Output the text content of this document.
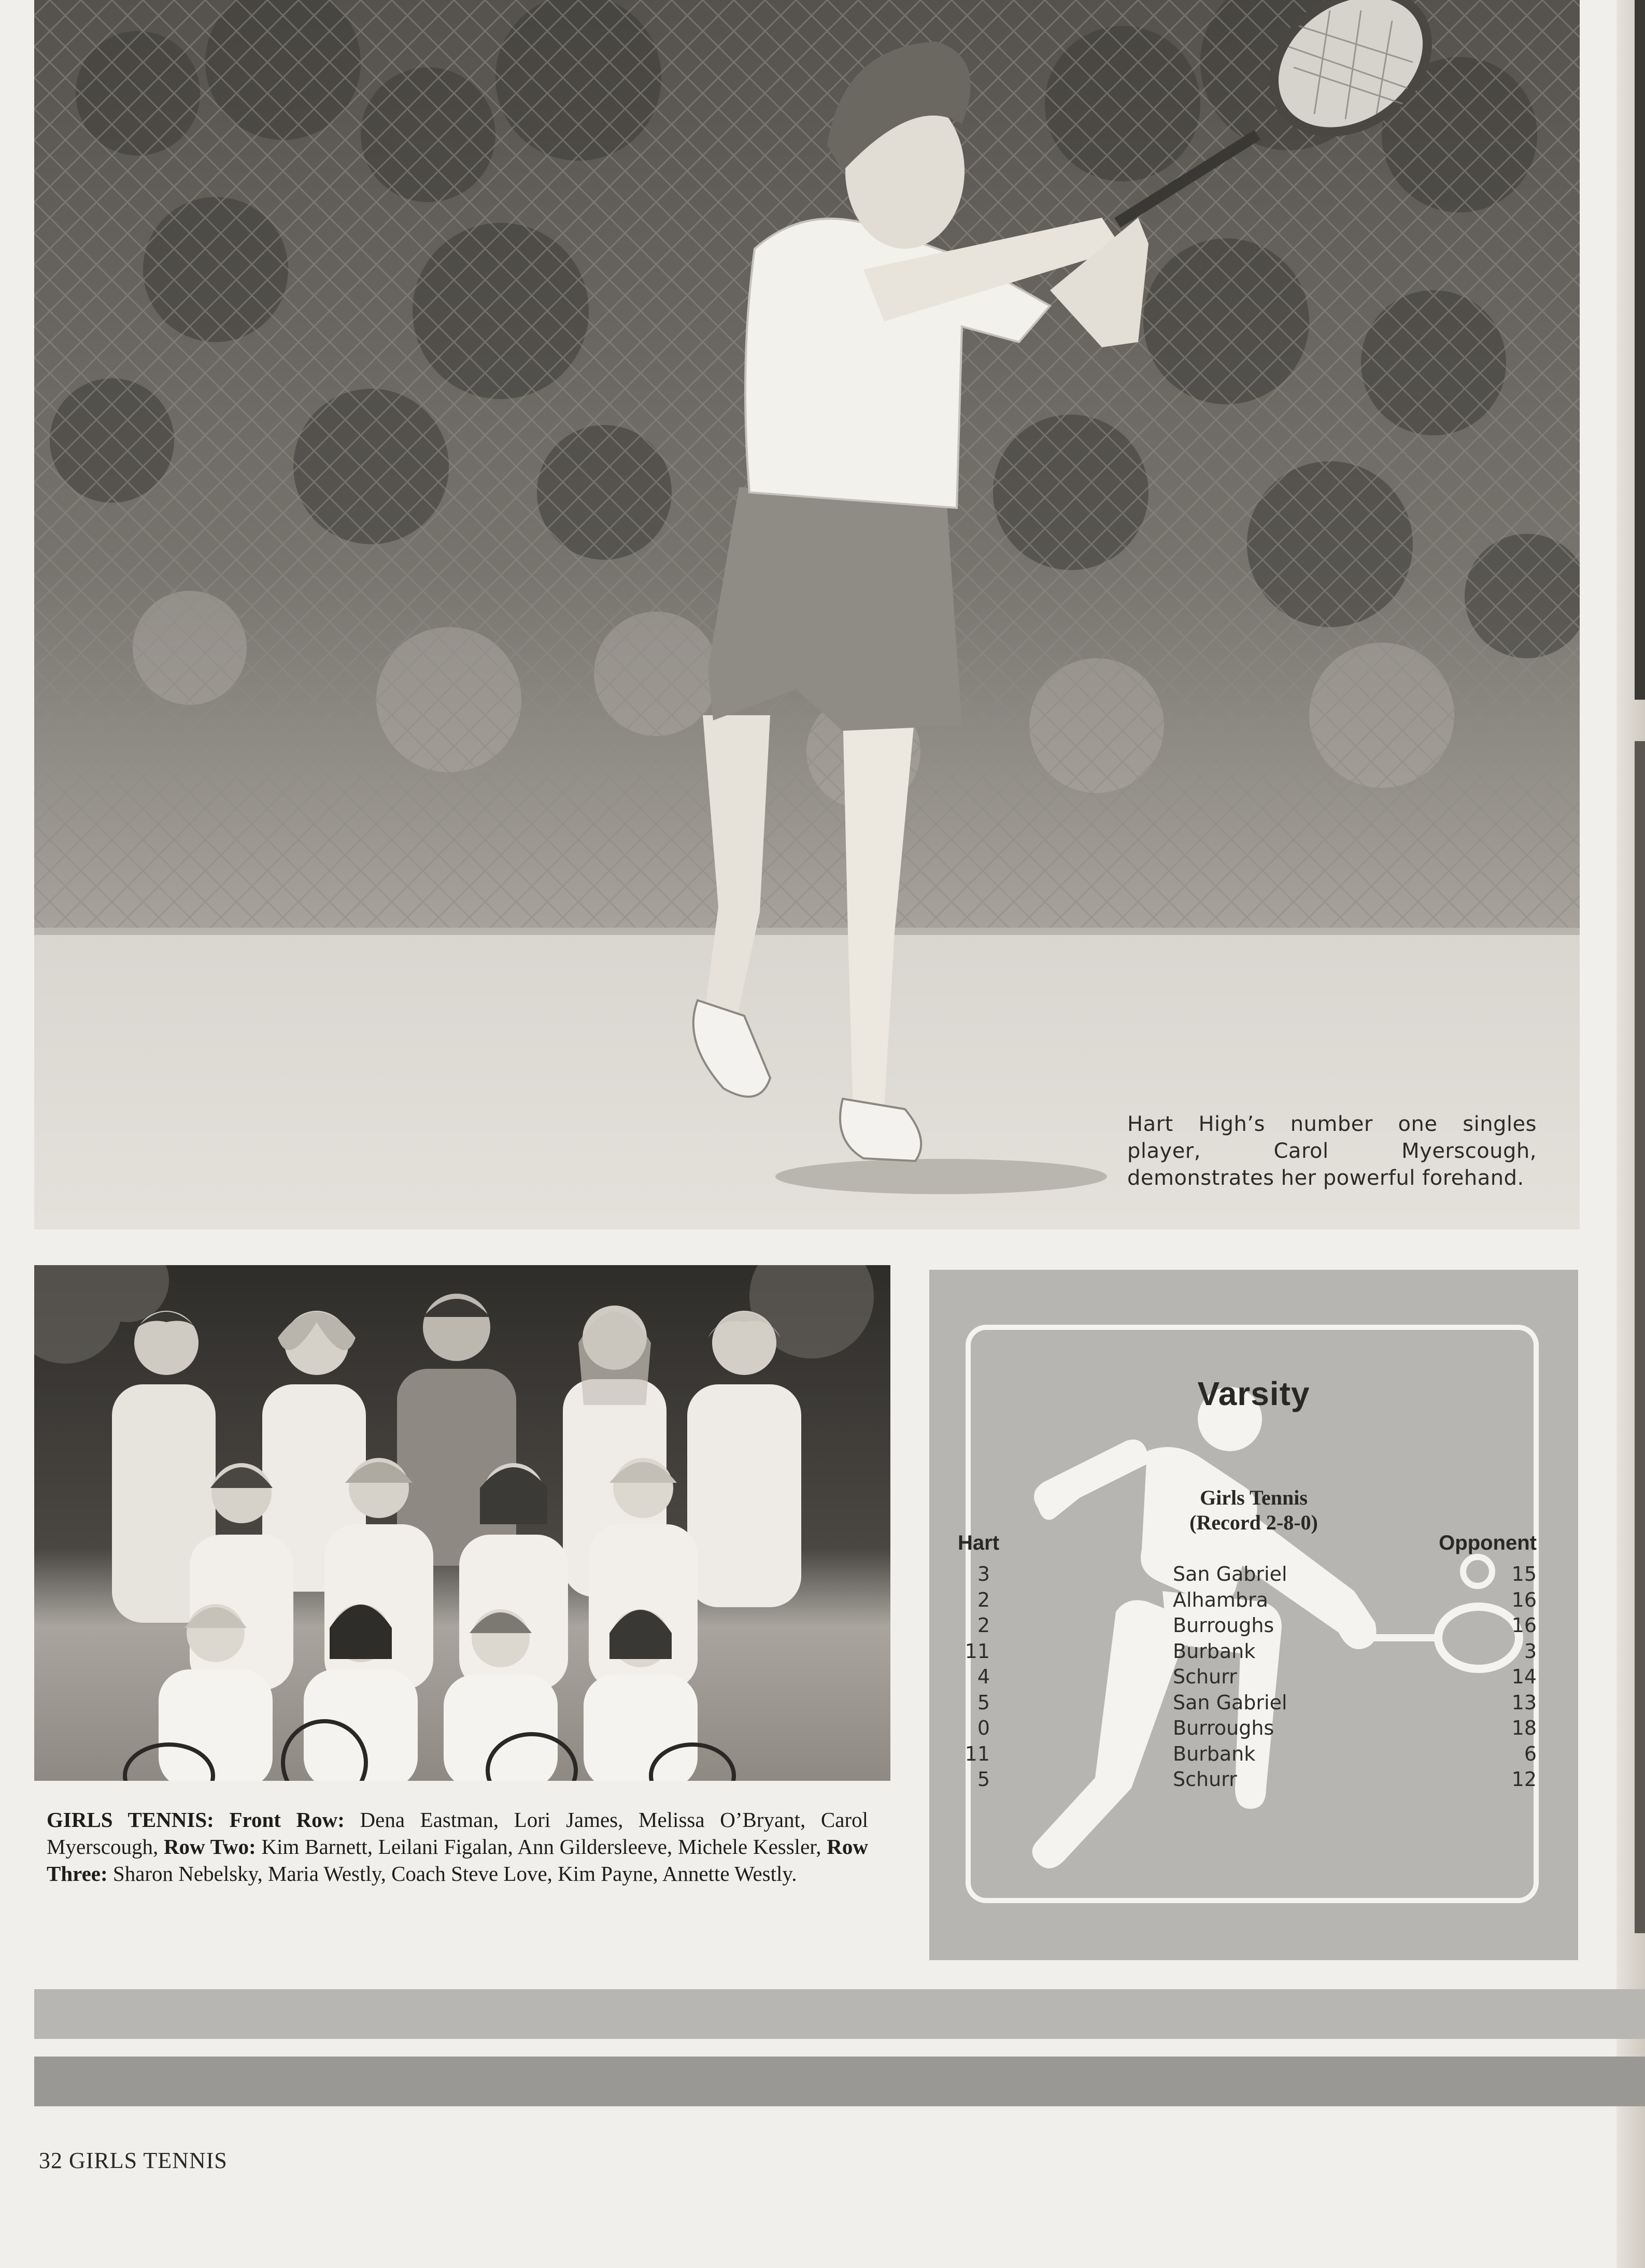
Hart High’s number one singles player, Carol Myerscough, demonstrates her powerful forehand.
GIRLS TENNIS: Front Row: Dena Eastman, Lori James, Melissa O’Bryant, Carol Myerscough, Row Two: Kim Barnett, Leilani Figalan, Ann Gildersleeve, Michele Kessler, Row Three: Sharon Nebelsky, Maria Westly, Coach Steve Love, Kim Payne, Annette Westly.
Varsity
Girls Tennis
(Record 2-8-0)
Hart	Opponent
3	San Gabriel	15
2	Alhambra	16
2	Burroughs	16
11	Burbank	3
4	Schurr	14
5	San Gabriel	13
0	Burroughs	18
11	Burbank	6
5	Schurr	12
32 GIRLS TENNIS
